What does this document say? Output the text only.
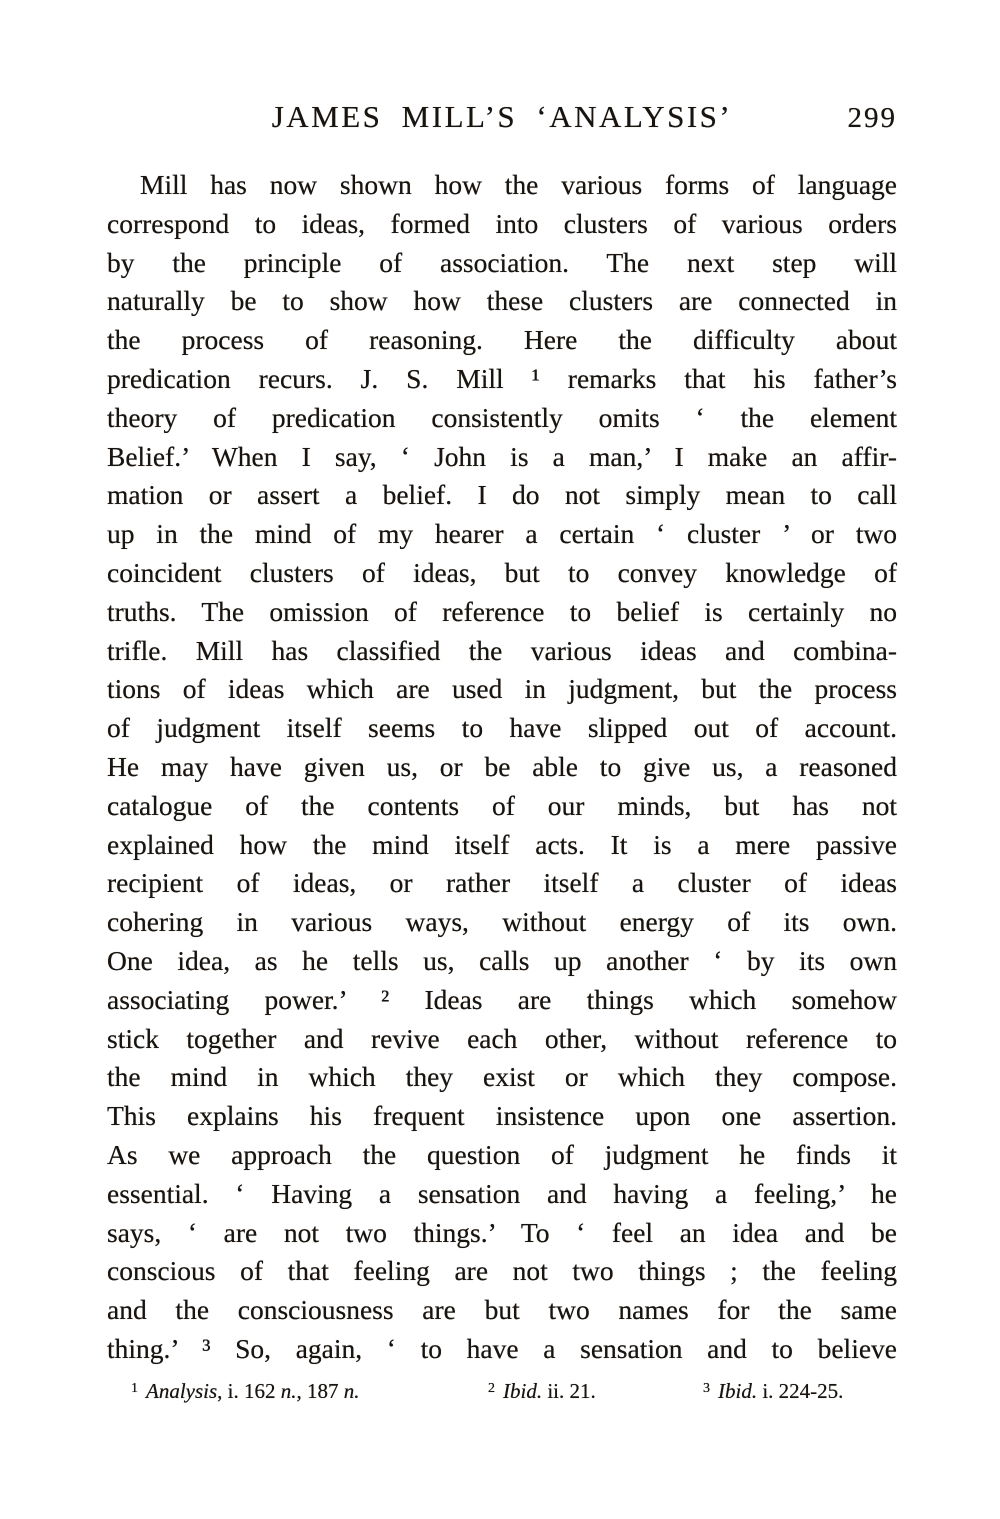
JAMES MILL’S ‘ANALYSIS’	299
Mill has now shown how the various forms of language
correspond to ideas, formed into clusters of various orders
by the principle of association. The next step will
naturally be to show how these clusters are connected in
the process of reasoning. Here the difficulty about
predication recurs. J. S. Mill ¹ remarks that his father’s
theory of predication consistently omits ‘ the element
Belief.’ When I say, ‘ John is a man,’ I make an affir-
mation or assert a belief. I do not simply mean to call
up in the mind of my hearer a certain ‘ cluster ’ or two
coincident clusters of ideas, but to convey knowledge of
truths. The omission of reference to belief is certainly no
trifle. Mill has classified the various ideas and combina-
tions of ideas which are used in judgment, but the process
of judgment itself seems to have slipped out of account.
He may have given us, or be able to give us, a reasoned
catalogue of the contents of our minds, but has not
explained how the mind itself acts. It is a mere passive
recipient of ideas, or rather itself a cluster of ideas
cohering in various ways, without energy of its own.
One idea, as he tells us, calls up another ‘ by its own
associating power.’ ² Ideas are things which somehow
stick together and revive each other, without reference to
the mind in which they exist or which they compose.
This explains his frequent insistence upon one assertion.
As we approach the question of judgment he finds it
essential. ‘ Having a sensation and having a feeling,’ he
says, ‘ are not two things.’ To ‘ feel an idea and be
conscious of that feeling are not two things ; the feeling
and the consciousness are but two names for the same
thing.’ ³ So, again, ‘ to have a sensation and to believe
$^1$ Analysis, i. 162 n., 187 n.	$^2$ Ibid. ii. 21.	$^3$ Ibid. i. 224-25.
